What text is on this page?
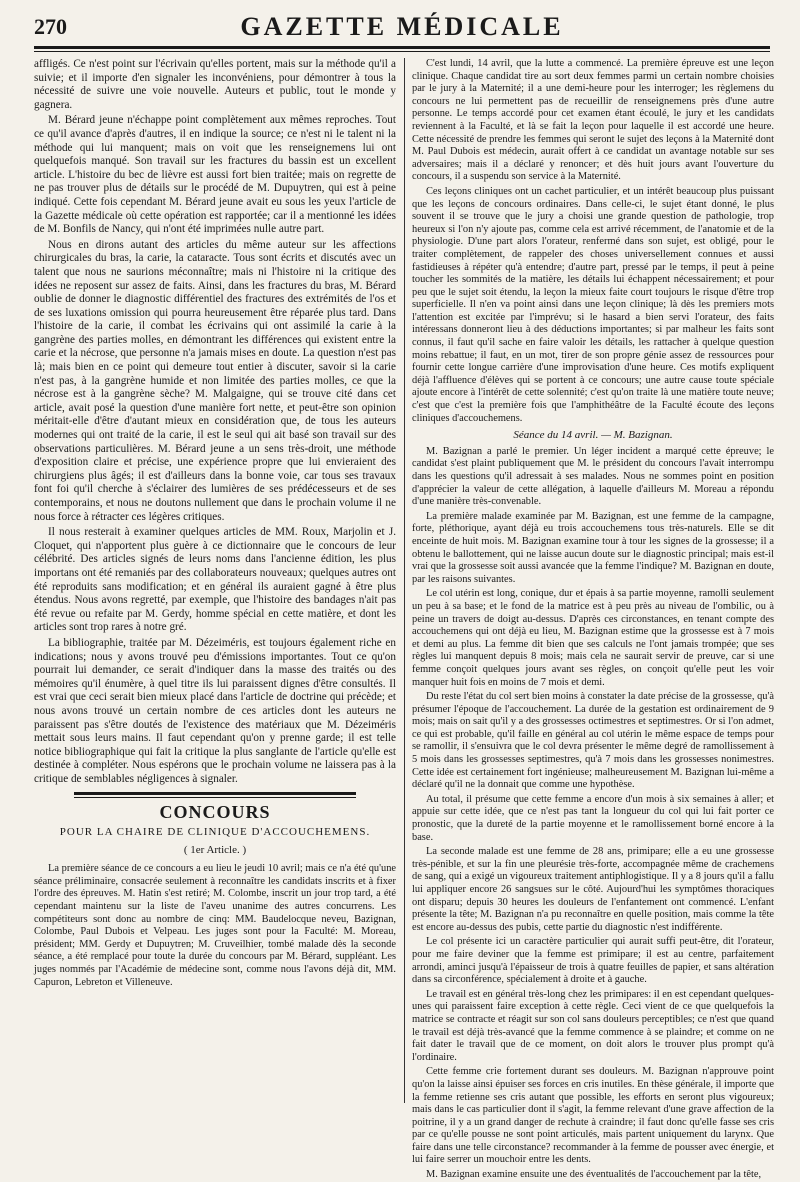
270	GAZETTE MÉDICALE

affligés. Ce n'est point sur l'écrivain qu'elles portent, mais sur la méthode qu'il a suivie; et il importe d'en signaler les inconvéniens, pour démontrer à tous la nécessité de suivre une voie nouvelle. Auteurs et public, tout le monde y gagnera.

M. Bérard jeune n'échappe point complètement aux mêmes reproches. Tout ce qu'il avance d'après d'autres, il en indique la source; ce n'est ni le talent ni la méthode qui lui manquent; mais on voit que les renseignemens lui ont quelquefois manqué. Son travail sur les fractures du bassin est un excellent article. L'histoire du bec de lièvre est aussi fort bien traitée; mais on regrette de ne pas trouver plus de détails sur le procédé de M. Dupuytren, qui est à peine indiqué. Cette fois cependant M. Bérard jeune avait eu sous les yeux l'article de la Gazette médicale où cette opération est rapportée; car il a mentionné les idées de M. Bonfils de Nancy, qui n'ont été imprimées nulle autre part.

Nous en dirons autant des articles du même auteur sur les affections chirurgicales du bras, la carie, la cataracte. Tous sont écrits et discutés avec un talent que nous ne saurions méconnaître; mais ni l'histoire ni la critique des idées ne reposent sur assez de faits. Ainsi, dans les fractures du bras, M. Bérard oublie de donner le diagnostic différentiel des fractures des extrémités de l'os et de ses luxations omission qui pourra heureusement être réparée plus tard. Dans l'histoire de la carie, il combat les écrivains qui ont assimilé la carie à la gangrène des parties molles, en démontrant les différences qui existent entre la carie et la nécrose, que personne n'a jamais mises en doute. La question n'est pas là; mais bien en ce point qui demeure tout entier à discuter, savoir si la carie n'est pas, à la gangrène humide et non limitée des parties molles, ce que la nécrose est à la gangrène sèche? M. Malgaigne, qui se trouve cité dans cet article, avait posé la question d'une manière fort nette, et peut-être son opinion méritait-elle d'être d'autant mieux en considération que, de tous les auteurs modernes qui ont traité de la carie, il est le seul qui ait basé son travail sur des observations particulières. M. Bérard jeune a un sens très-droit, une méthode d'exposition claire et précise, une expérience propre que lui envieraient des chirurgiens plus âgés; il est d'ailleurs dans la bonne voie, car tous ses travaux font foi qu'il cherche à s'éclairer des lumières de ses prédécesseurs et de ses contemporains, et nous ne doutons nullement que dans le prochain volume il ne nous force à rétracter ces légères critiques.

Il nous resterait à examiner quelques articles de MM. Roux, Marjolin et J. Cloquet, qui n'apportent plus guère à ce dictionnaire que le concours de leur célébrité. Des articles signés de leurs noms dans l'ancienne édition, les plus importans ont été remaniés par des collaborateurs nouveaux; quelques autres ont été reproduits sans modification; et en général ils auraient gagné à être plus étendus. Nous avons regretté, par exemple, que l'histoire des bandages n'ait pas été revue ou refaite par M. Gerdy, homme spécial en cette matière, et dont les articles sont trop rares à notre gré.

La bibliographie, traitée par M. Dézeiméris, est toujours également riche en indications; nous y avons trouvé peu d'émissions importantes. Tout ce qu'on pourrait lui demander, ce serait d'indiquer dans la masse des traités ou des mémoires qu'il énumère, à quel titre ils lui paraissent dignes d'être consultés. Il est vrai que ceci serait bien mieux placé dans l'article de doctrine qui précède; et nous avons trouvé un certain nombre de ces articles dont les auteurs ne paraissent pas s'être doutés de l'existence des matériaux que M. Dézeiméris mettait sous leurs mains. Il faut cependant qu'on y prenne garde; il est telle notice bibliographique qui fait la critique la plus sanglante de l'article qu'elle est destinée à compléter. Nous espérons que le prochain volume ne laissera pas à la critique de semblables négligences à signaler.

CONCOURS
POUR LA CHAIRE DE CLINIQUE D'ACCOUCHEMENS.
( 1er Article. )

La première séance de ce concours a eu lieu le jeudi 10 avril; mais ce n'a été qu'une séance préliminaire, consacrée seulement à reconnaître les candidats inscrits et à fixer l'ordre des épreuves. M. Hatin s'est retiré; M. Colombe, inscrit un jour trop tard, a été cependant maintenu sur la liste de l'aveu unanime des autres concurrens. Les compétiteurs sont donc au nombre de cinq: MM. Baudelocque neveu, Bazignan, Colombe, Paul Dubois et Velpeau. Les juges sont pour la Faculté: M. Moreau, président; MM. Gerdy et Dupuytren; M. Cruveilhier, tombé malade dès la seconde séance, a été remplacé pour toute la durée du concours par M. Bérard, suppléant. Les juges nommés par l'Académie de médecine sont, comme nous l'avons déjà dit, MM. Capuron, Lebreton et Villeneuve.

C'est lundi, 14 avril, que la lutte a commencé. La première épreuve est une leçon clinique. Chaque candidat tire au sort deux femmes parmi un certain nombre choisies par le jury à la Maternité; il a une demi-heure pour les interroger; les règlemens du concours ne lui permettent pas de recueillir de renseignemens près d'une autre personne. Le temps accordé pour cet examen étant écoulé, le jury et les candidats reviennent à la Faculté, et là se fait la leçon pour laquelle il est accordé une heure. Cette nécessité de prendre les femmes qui seront le sujet des leçons à la Maternité dont M. Paul Dubois est médecin, aurait offert à ce candidat un avantage notable sur ses adversaires; mais il a déclaré y renoncer; et dès huit jours avant l'ouverture du concours, il a suspendu son service à la Maternité.

Ces leçons cliniques ont un cachet particulier, et un intérêt beaucoup plus puissant que les leçons de concours ordinaires. Dans celle-ci, le sujet étant donné, le plus souvent il se trouve que le jury a choisi une grande question de pathologie, trop heureux si l'on n'y ajoute pas, comme cela est arrivé récemment, de l'anatomie et de la physiologie. D'une part alors l'orateur, renfermé dans son sujet, est obligé, pour le traiter complètement, de rappeler des choses universellement connues et aussi fastidieuses à répéter qu'à entendre; d'autre part, pressé par le temps, il peut à peine toucher les sommités de la matière, les détails lui échappent nécessairement; et pour peu que le sujet soit étendu, la leçon la mieux faite court toujours le risque d'être trop superficielle. Il n'en va point ainsi dans une leçon clinique; là dès les premiers mots l'attention est excitée par l'imprévu; si le hasard a bien servi l'orateur, des faits intéressans donneront lieu à des déductions importantes; si par malheur les faits sont connus, il faut qu'il sache en faire valoir les détails, les rattacher à quelque question moins rebattue; il faut, en un mot, tirer de son propre génie assez de ressources pour fournir cette longue carrière d'une improvisation d'une heure. Ces motifs expliquent déjà l'affluence d'élèves qui se portent à ce concours; une autre cause toute spéciale ajoute encore à l'intérêt de cette solennité; c'est qu'on traite là une matière toute neuve; c'est que c'est la première fois que l'amphithéâtre de la Faculté écoute des leçons cliniques d'accouchemens.

Séance du 14 avril. — M. Bazignan.

M. Bazignan a parlé le premier. Un léger incident a marqué cette épreuve; le candidat s'est plaint publiquement que M. le président du concours l'avait interrompu dans les questions qu'il adressait à ses malades. Nous ne sommes point en position d'apprécier la valeur de cette allégation, à laquelle d'ailleurs M. Moreau a répondu d'une manière très-convenable.

La première malade examinée par M. Bazignan, est une femme de la campagne, forte, pléthorique, ayant déjà eu trois accouchemens tous très-naturels. Elle se dit enceinte de huit mois. M. Bazignan examine tour à tour les signes de la grossesse; il a obtenu le ballottement, qui ne laisse aucun doute sur le diagnostic principal; mais est-il vrai que la grossesse soit aussi avancée que la femme l'indique? M. Bazignan en doute, par les raisons suivantes.

Le col utérin est long, conique, dur et épais à sa partie moyenne, ramolli seulement un peu à sa base; et le fond de la matrice est à peu près au niveau de l'ombilic, ou à peine un travers de doigt au-dessus. D'après ces circonstances, en tenant compte des accouchemens qui ont déjà eu lieu, M. Bazignan estime que la grossesse est à 7 mois et demi au plus. La femme dit bien que ses calculs ne l'ont jamais trompée; que ses règles lui manquent depuis 8 mois; mais cela ne saurait servir de preuve, car si une femme conçoit quelques jours avant ses règles, on conçoit qu'elle peut les voir manquer huit fois en moins de 7 mois et demi.

Du reste l'état du col sert bien moins à constater la date précise de la grossesse, qu'à présumer l'époque de l'accouchement. La durée de la gestation est ordinairement de 9 mois; mais on sait qu'il y a des grossesses octimestres et septimestres. Or si l'on admet, ce qui est probable, qu'il faille en général au col utérin le même espace de temps pour se ramollir, il s'ensuivra que le col devra présenter le même degré de ramollissement à 5 mois dans les grossesses septimestres, qu'à 7 mois dans les grossesses nonimestres. Cette idée est certainement fort ingénieuse; malheureusement M. Bazignan lui-même a déclaré qu'il ne la donnait que comme une hypothèse.

Au total, il présume que cette femme a encore d'un mois à six semaines à aller; et appuie sur cette idée, que ce n'est pas tant la longueur du col qui lui fait porter ce pronostic, que la dureté de la partie moyenne et le ramollissement borné encore à la base.

La seconde malade est une femme de 28 ans, primipare; elle a eu une grossesse très-pénible, et sur la fin une pleurésie très-forte, accompagnée même de crachemens de sang, qui a exigé un vigoureux traitement antiphlogistique. Il y a 8 jours qu'il a fallu lui appliquer encore 26 sangsues sur le côté. Aujourd'hui les symptômes thoraciques ont disparu; depuis 30 heures les douleurs de l'enfantement ont commencé. L'enfant présente la tête; M. Bazignan n'a pu reconnaître en quelle position, mais comme la tête est encore au-dessus des pubis, cette partie du diagnostic n'est indifférente.

Le col présente ici un caractère particulier qui aurait suffi peut-être, dit l'orateur, pour me faire deviner que la femme est primipare; il est au centre, parfaitement arrondi, aminci jusqu'à l'épaisseur de trois à quatre feuilles de papier, et sans altération dans sa circonférence, spécialement à droite et à gauche.

Le travail est en général très-long chez les primipares: il en est cependant quelques-unes qui paraissent faire exception à cette règle. Ceci vient de ce que quelquefois la matrice se contracte et réagit sur son col sans douleurs perceptibles; ce n'est que quand le travail est déjà très-avancé que la femme commence à se plaindre; et comme on ne fait dater le travail que de ce moment, on doit alors le trouver plus prompt qu'à l'ordinaire.

Cette femme crie fortement durant ses douleurs. M. Bazignan n'approuve point qu'on la laisse ainsi épuiser ses forces en cris inutiles. En thèse générale, il importe que la femme retienne ses cris autant que possible, les efforts en seront plus vigoureux; mais dans le cas particulier dont il s'agit, la femme relevant d'une grave affection de la poitrine, il y a un grand danger de rechute à craindre; il faut donc qu'elle fasse ses cris par ce qu'elle pousse ne sont point articulés, mais partent uniquement du larynx. Que faire dans une telle circonstance? recommander à la femme de pousser avec énergie, et lui faire serrer un mouchoir entre les dents.

M. Bazignan examine ensuite une des éventualités de l'accouchement par la tête,
